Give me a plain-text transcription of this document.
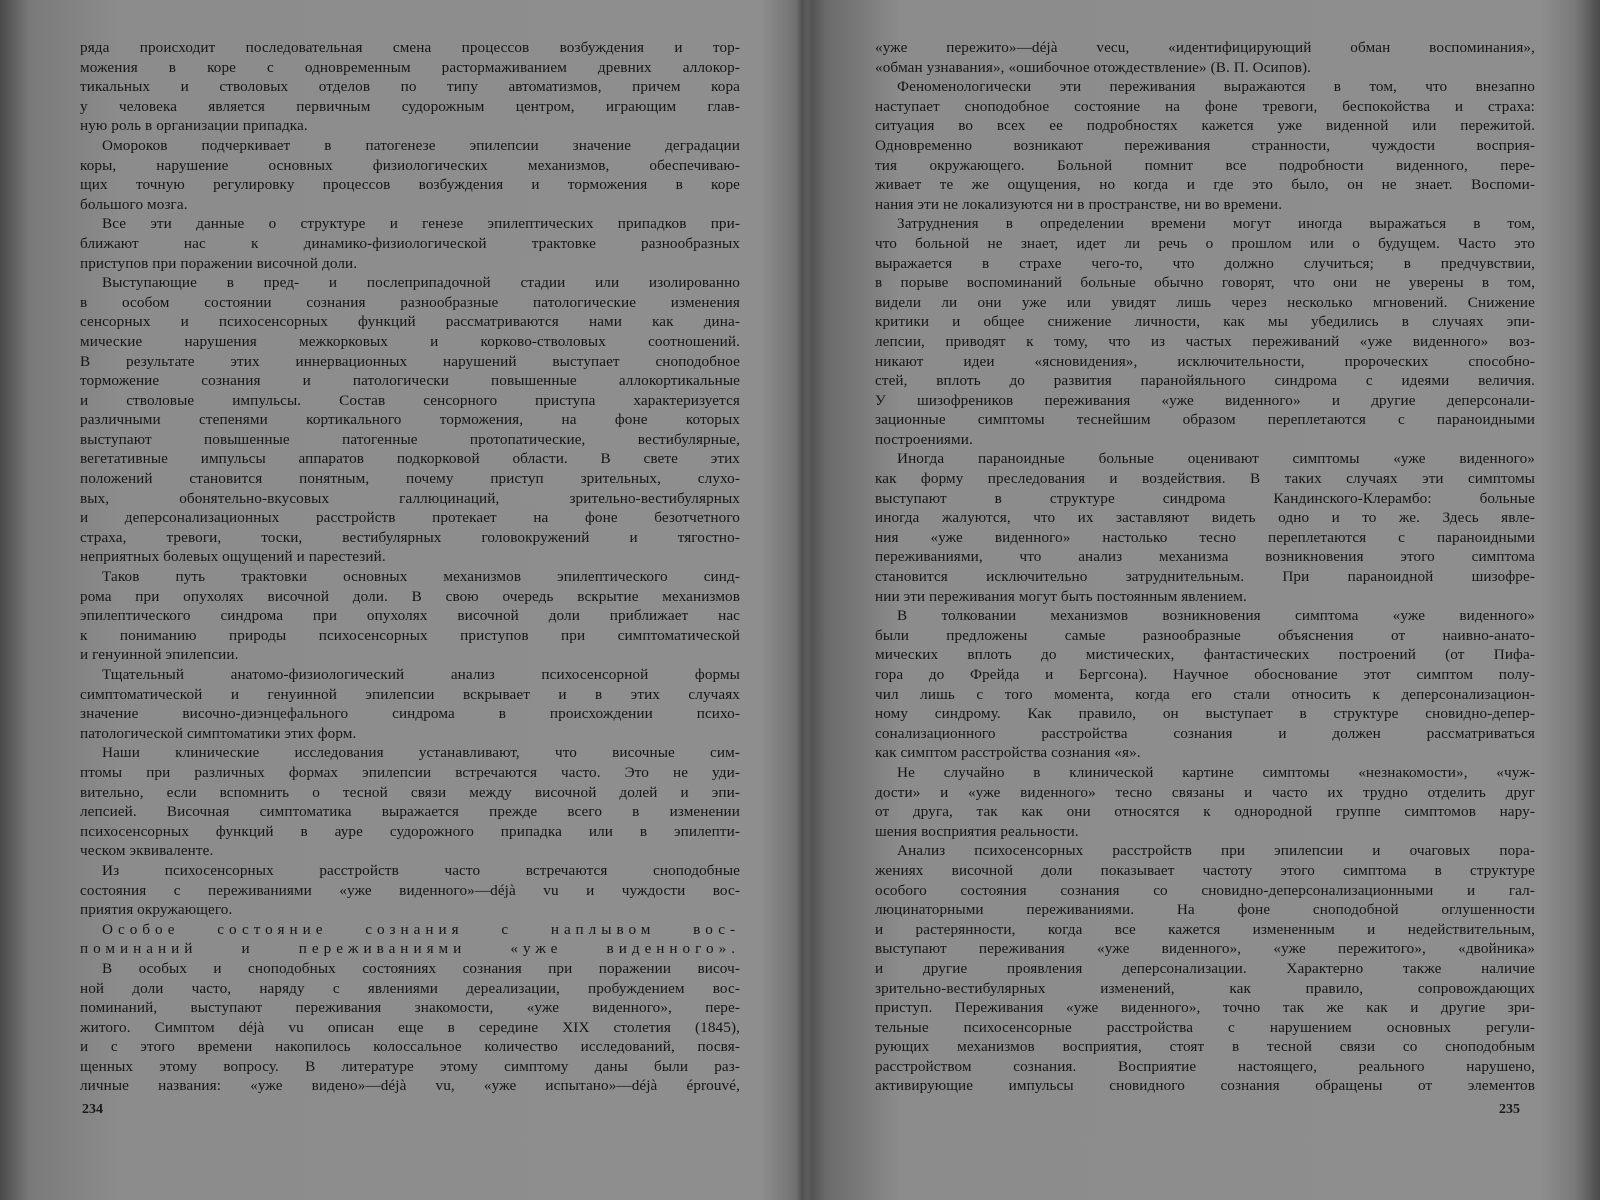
ряда происходит последовательная смена процессов возбуждения и тор-
можения в коре с одновременным растормаживанием древних аллокор-
тикальных и стволовых отделов по типу автоматизмов, причем кора
у человека является первичным судорожным центром, играющим глав-
ную роль в организации припадка.
Омороков подчеркивает в патогенезе эпилепсии значение деградации
коры, нарушение основных физиологических механизмов, обеспечиваю-
щих точную регулировку процессов возбуждения и торможения в коре
большого мозга.
Все эти данные о структуре и генезе эпилептических припадков при-
ближают нас к динамико-физиологической трактовке разнообразных
приступов при поражении височной доли.
Выступающие в пред- и послеприпадочной стадии или изолированно
в особом состоянии сознания разнообразные патологические изменения
сенсорных и психосенсорных функций рассматриваются нами как дина-
мические нарушения межкорковых и корково-стволовых соотношений.
В результате этих иннервационных нарушений выступает сноподобное
торможение сознания и патологически повышенные аллокортикальные
и стволовые импульсы. Состав сенсорного приступа характеризуется
различными степенями кортикального торможения, на фоне которых
выступают повышенные патогенные протопатические, вестибулярные,
вегетативные импульсы аппаратов подкорковой области. В свете этих
положений становится понятным, почему приступ зрительных, слухо-
вых, обонятельно-вкусовых галлюцинаций, зрительно-вестибулярных
и деперсонализационных расстройств протекает на фоне безотчетного
страха, тревоги, тоски, вестибулярных головокружений и тягостно-
неприятных болевых ощущений и парестезий.
Таков путь трактовки основных механизмов эпилептического синд-
рома при опухолях височной доли. В свою очередь вскрытие механизмов
эпилептического синдрома при опухолях височной доли приближает нас
к пониманию природы психосенсорных приступов при симптоматической
и генуинной эпилепсии.
Тщательный анатомо-физиологический анализ психосенсорной формы
симптоматической и генуинной эпилепсии вскрывает и в этих случаях
значение височно-диэнцефального синдрома в происхождении психо-
патологической симптоматики этих форм.
Наши клинические исследования устанавливают, что височные сим-
птомы при различных формах эпилепсии встречаются часто. Это не уди-
вительно, если вспомнить о тесной связи между височной долей и эпи-
лепсией. Височная симптоматика выражается прежде всего в изменении
психосенсорных функций в ауре судорожного припадка или в эпилепти-
ческом эквиваленте.
Из психосенсорных расстройств часто встречаются сноподобные
состояния с переживаниями «уже виденного»—déjà vu и чуждости вос-
приятия окружающего.
Особое состояние сознания с наплывом вос-
поминаний и переживаниями «уже виденного».
В особых и сноподобных состояниях сознания при поражении височ-
ной доли часто, наряду с явлениями дереализации, пробуждением вос-
поминаний, выступают переживания знакомости, «уже виденного», пере-
житого. Симптом déjà vu описан еще в середине XIX столетия (1845),
и с этого времени накопилось колоссальное количество исследований, посвя-
щенных этому вопросу. В литературе этому симптому даны были раз-
личные названия: «уже видено»—déjà vu, «уже испытано»—déjà éprouvé,
234
«уже пережито»—déjà vecu, «идентифицирующий обман воспоминания»,
«обман узнавания», «ошибочное отождествление» (В. П. Осипов).
Феноменологически эти переживания выражаются в том, что внезапно
наступает сноподобное состояние на фоне тревоги, беспокойства и страха:
ситуация во всех ее подробностях кажется уже виденной или пережитой.
Одновременно возникают переживания странности, чуждости восприя-
тия окружающего. Больной помнит все подробности виденного, пере-
живает те же ощущения, но когда и где это было, он не знает. Воспоми-
нания эти не локализуются ни в пространстве, ни во времени.
Затруднения в определении времени могут иногда выражаться в том,
что больной не знает, идет ли речь о прошлом или о будущем. Часто это
выражается в страхе чего-то, что должно случиться; в предчувствии,
в порыве воспоминаний больные обычно говорят, что они не уверены в том,
видели ли они уже или увидят лишь через несколько мгновений. Снижение
критики и общее снижение личности, как мы убедились в случаях эпи-
лепсии, приводят к тому, что из частых переживаний «уже виденного» воз-
никают идеи «ясновидения», исключительности, пророческих способно-
стей, вплоть до развития паранойяльного синдрома с идеями величия.
У шизофреников переживания «уже виденного» и другие деперсонали-
зационные симптомы теснейшим образом переплетаются с параноидными
построениями.
Иногда параноидные больные оценивают симптомы «уже виденного»
как форму преследования и воздействия. В таких случаях эти симптомы
выступают в структуре синдрома Кандинского-Клерамбо: больные
иногда жалуются, что их заставляют видеть одно и то же. Здесь явле-
ния «уже виденного» настолько тесно переплетаются с параноидными
переживаниями, что анализ механизма возникновения этого симптома
становится исключительно затруднительным. При параноидной шизофре-
нии эти переживания могут быть постоянным явлением.
В толковании механизмов возникновения симптома «уже виденного»
были предложены самые разнообразные объяснения от наивно-анато-
мических вплоть до мистических, фантастических построений (от Пифа-
гора до Фрейда и Бергсона). Научное обоснование этот симптом полу-
чил лишь с того момента, когда его стали относить к деперсонализацион-
ному синдрому. Как правило, он выступает в структуре сновидно-депер-
сонализационного расстройства сознания и должен рассматриваться
как симптом расстройства сознания «я».
Не случайно в клинической картине симптомы «незнакомости», «чуж-
дости» и «уже виденного» тесно связаны и часто их трудно отделить друг
от друга, так как они относятся к однородной группе симптомов нару-
шения восприятия реальности.
Анализ психосенсорных расстройств при эпилепсии и очаговых пора-
жениях височной доли показывает частоту этого симптома в структуре
особого состояния сознания со сновидно-деперсонализационными и гал-
люцинаторными переживаниями. На фоне сноподобной оглушенности
и растерянности, когда все кажется измененным и недействительным,
выступают переживания «уже виденного», «уже пережитого», «двойника»
и другие проявления деперсонализации. Характерно также наличие
зрительно-вестибулярных изменений, как правило, сопровождающих
приступ. Переживания «уже виденного», точно так же как и другие зри-
тельные психосенсорные расстройства с нарушением основных регули-
рующих механизмов восприятия, стоят в тесной связи со сноподобным
расстройством сознания. Восприятие настоящего, реального нарушено,
активирующие импульсы сновидного сознания обращены от элементов
235
